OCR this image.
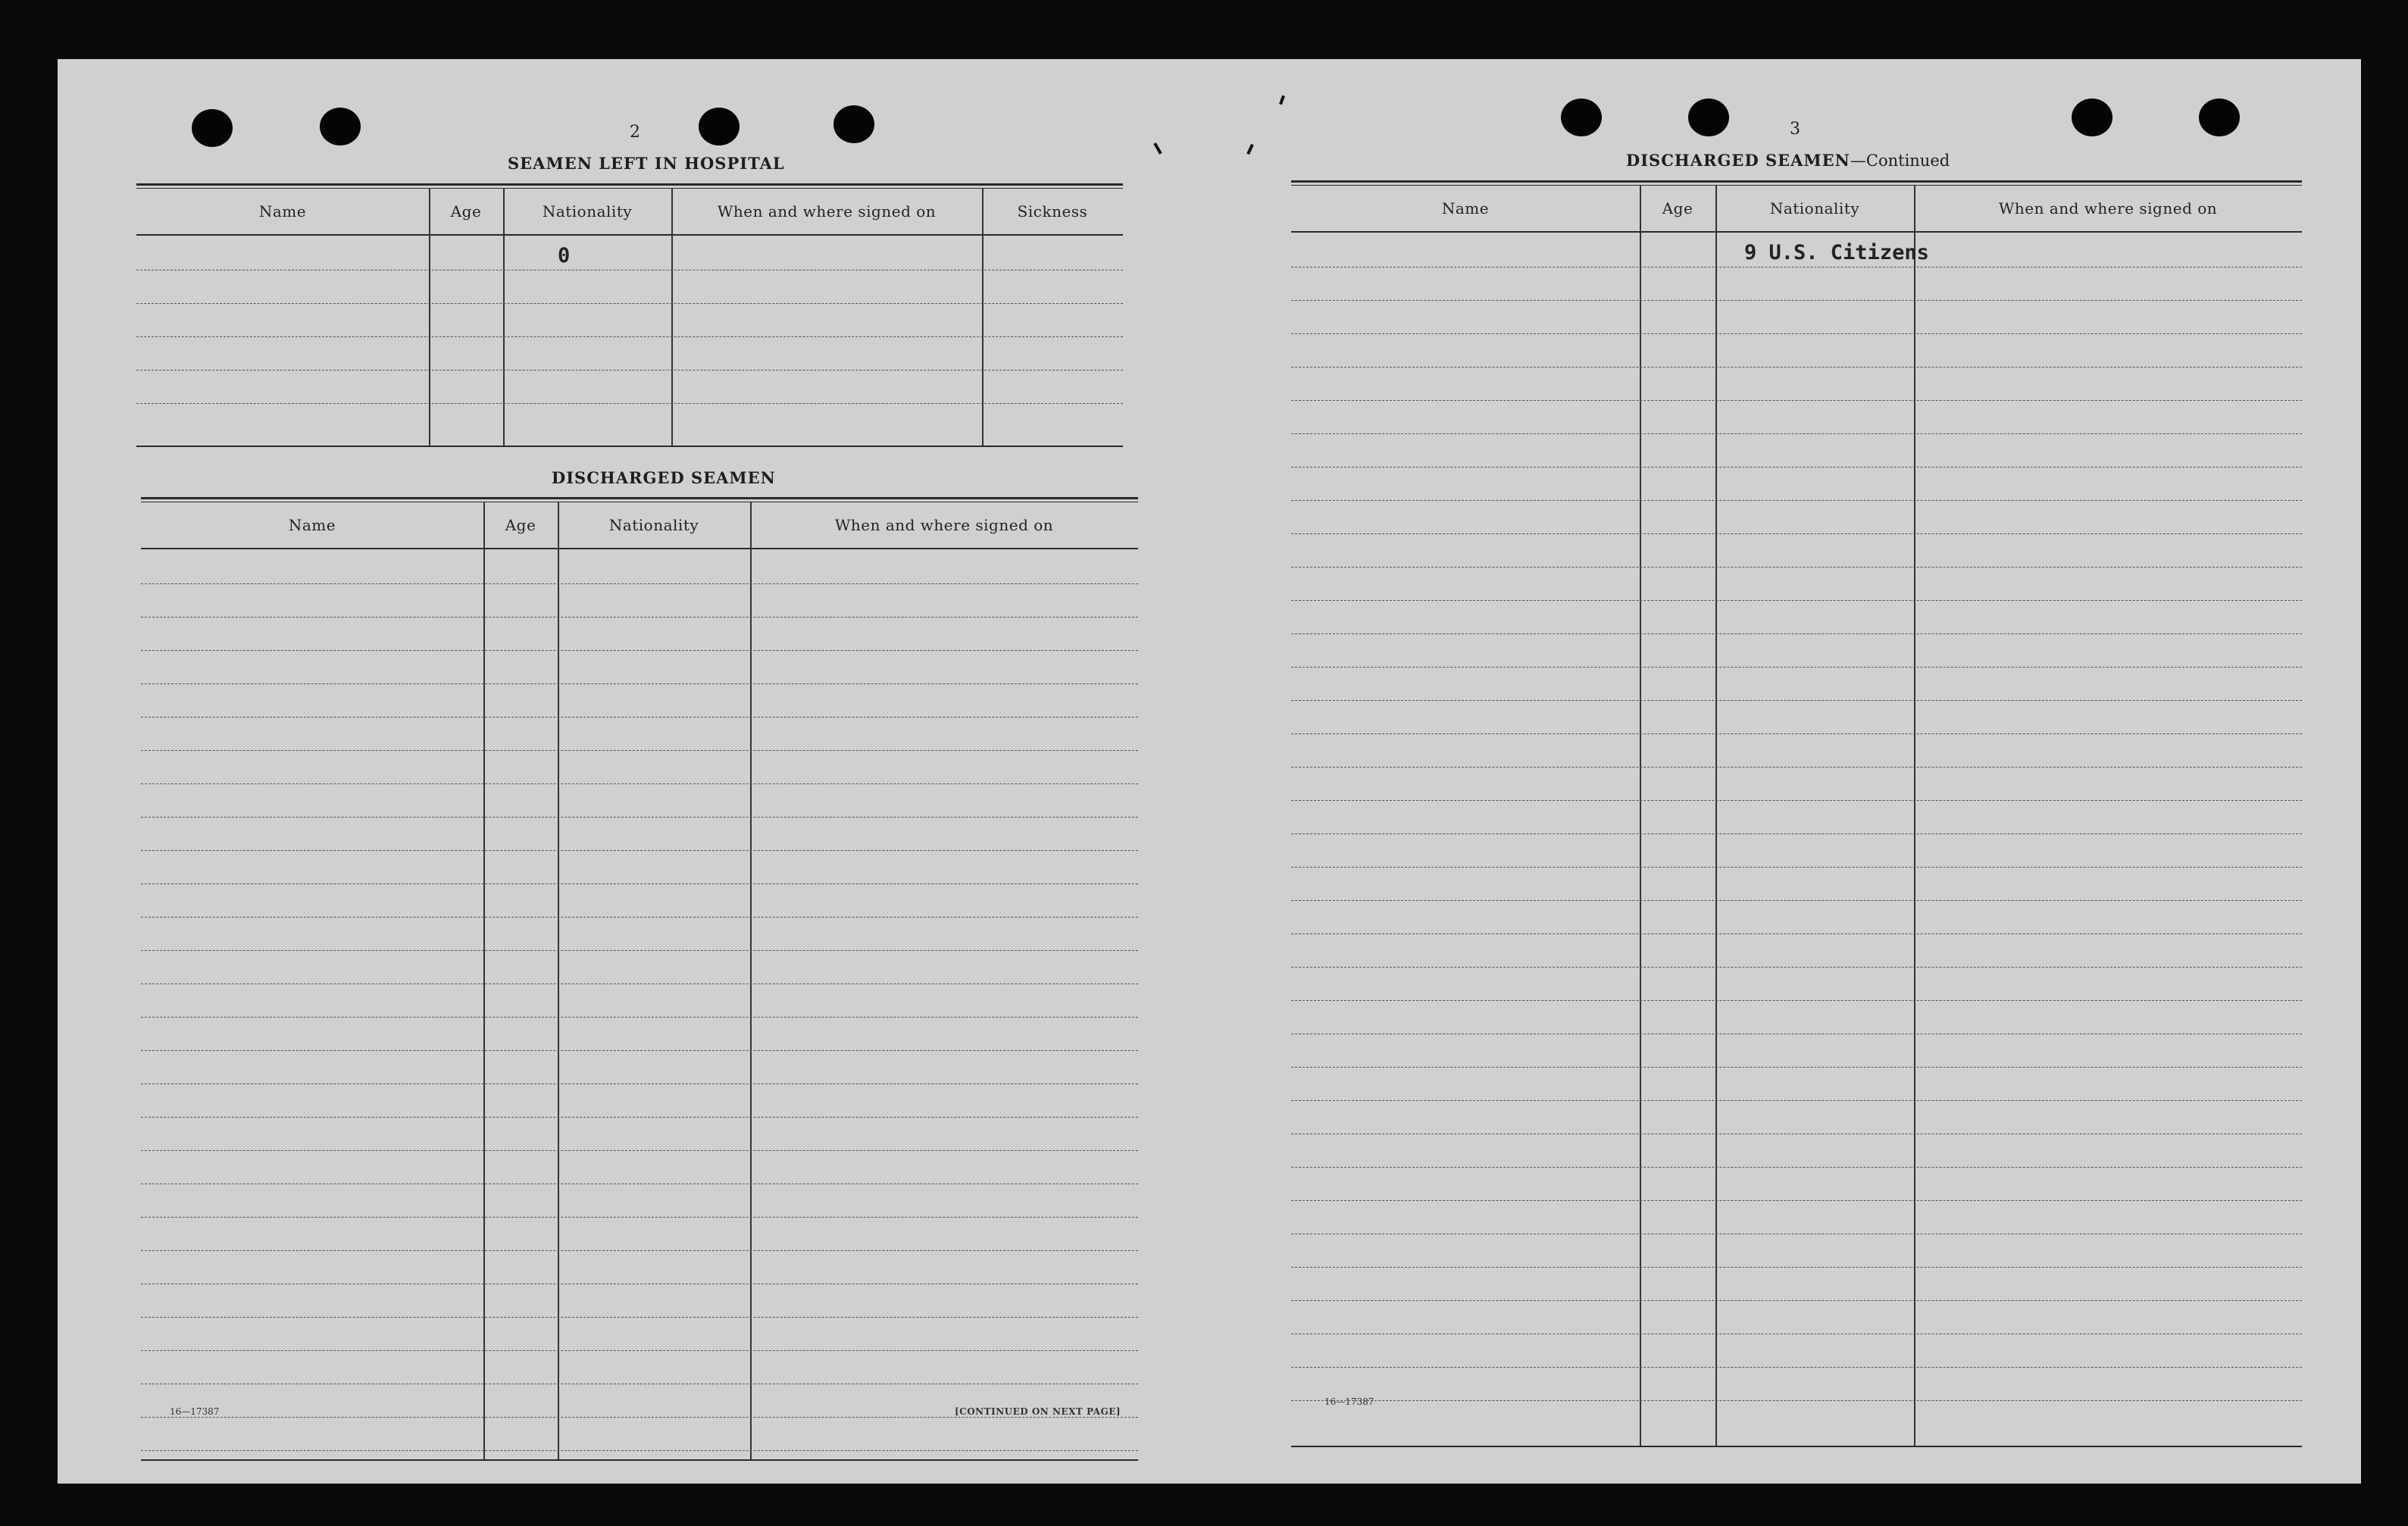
2
SEAMEN LEFT IN HOSPITAL
Name	Age	Nationality	When and where signed on	Sickness
0
DISCHARGED SEAMEN
Name	Age	Nationality	When and where signed on
16—17387	[CONTINUED ON NEXT PAGE]
3
DISCHARGED SEAMEN—Continued
Name	Age	Nationality	When and where signed on
9 U.S. Citizens
16—17387
